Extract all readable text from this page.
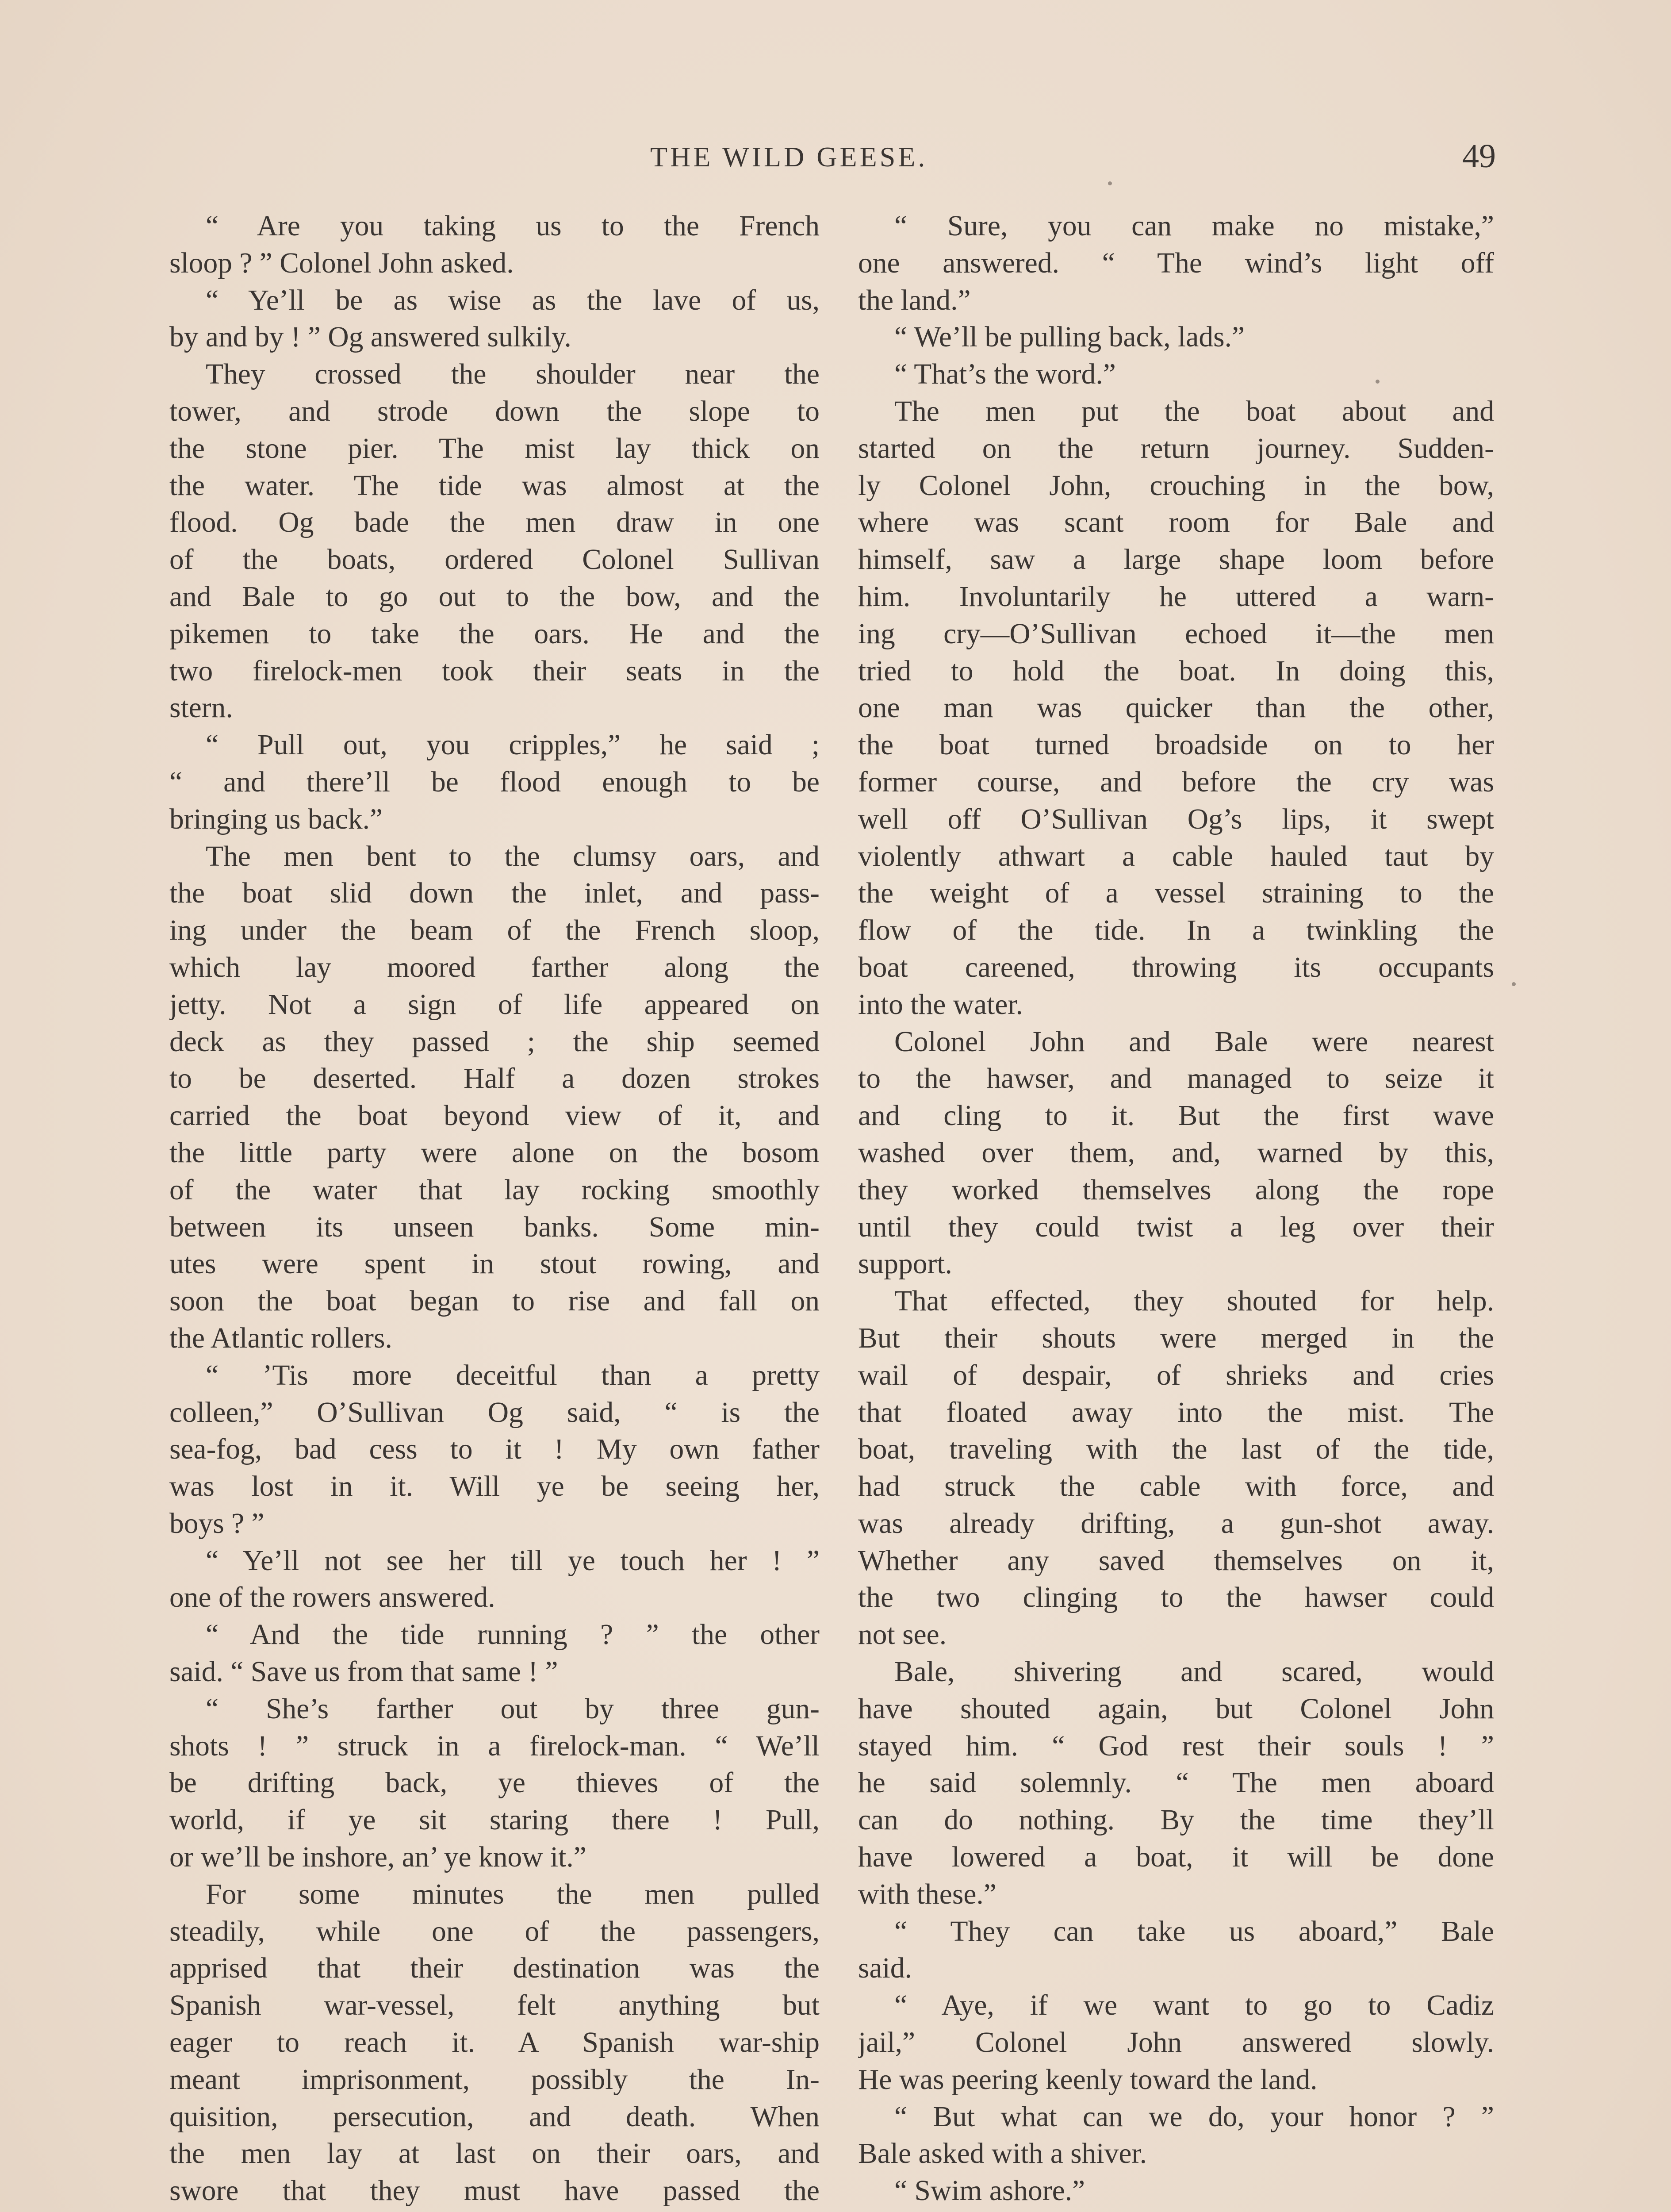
THE WILD GEESE.	49
“ Are you taking us to the French
sloop ? ” Colonel John asked.
“ Ye’ll be as wise as the lave of us,
by and by ! ” Og answered sulkily.
They crossed the shoulder near the
tower, and strode down the slope to
the stone pier. The mist lay thick on
the water. The tide was almost at the
flood. Og bade the men draw in one
of the boats, ordered Colonel Sullivan
and Bale to go out to the bow, and the
pikemen to take the oars. He and the
two firelock-men took their seats in the
stern.
“ Pull out, you cripples,” he said ;
“ and there’ll be flood enough to be
bringing us back.”
The men bent to the clumsy oars, and
the boat slid down the inlet, and pass-
ing under the beam of the French sloop,
which lay moored farther along the
jetty. Not a sign of life appeared on
deck as they passed ; the ship seemed
to be deserted. Half a dozen strokes
carried the boat beyond view of it, and
the little party were alone on the bosom
of the water that lay rocking smoothly
between its unseen banks. Some min-
utes were spent in stout rowing, and
soon the boat began to rise and fall on
the Atlantic rollers.
“ ’Tis more deceitful than a pretty
colleen,” O’Sullivan Og said, “ is the
sea-fog, bad cess to it ! My own father
was lost in it. Will ye be seeing her,
boys ? ”
“ Ye’ll not see her till ye touch her ! ”
one of the rowers answered.
“ And the tide running ? ” the other
said. “ Save us from that same ! ”
“ She’s farther out by three gun-
shots ! ” struck in a firelock-man. “ We’ll
be drifting back, ye thieves of the
world, if ye sit staring there ! Pull,
or we’ll be inshore, an’ ye know it.”
For some minutes the men pulled
steadily, while one of the passengers,
apprised that their destination was the
Spanish war-vessel, felt anything but
eager to reach it. A Spanish war-ship
meant imprisonment, possibly the In-
quisition, persecution, and death. When
the men lay at last on their oars, and
swore that they must have passed the
“ Sure, you can make no mistake,”
one answered. “ The wind’s light off
the land.”
“ We’ll be pulling back, lads.”
“ That’s the word.”
The men put the boat about and
started on the return journey. Sudden-
ly Colonel John, crouching in the bow,
where was scant room for Bale and
himself, saw a large shape loom before
him. Involuntarily he uttered a warn-
ing cry—O’Sullivan echoed it—the men
tried to hold the boat. In doing this,
one man was quicker than the other,
the boat turned broadside on to her
former course, and before the cry was
well off O’Sullivan Og’s lips, it swept
violently athwart a cable hauled taut by
the weight of a vessel straining to the
flow of the tide. In a twinkling the
boat careened, throwing its occupants
into the water.
Colonel John and Bale were nearest
to the hawser, and managed to seize it
and cling to it. But the first wave
washed over them, and, warned by this,
they worked themselves along the rope
until they could twist a leg over their
support.
That effected, they shouted for help.
But their shouts were merged in the
wail of despair, of shrieks and cries
that floated away into the mist. The
boat, traveling with the last of the tide,
had struck the cable with force, and
was already drifting, a gun-shot away.
Whether any saved themselves on it,
the two clinging to the hawser could
not see.
Bale, shivering and scared, would
have shouted again, but Colonel John
stayed him. “ God rest their souls ! ”
he said solemnly. “ The men aboard
can do nothing. By the time they’ll
have lowered a boat, it will be done
with these.”
“ They can take us aboard,” Bale
said.
“ Aye, if we want to go to Cadiz
jail,” Colonel John answered slowly.
He was peering keenly toward the land.
“ But what can we do, your honor ? ”
Bale asked with a shiver.
“ Swim ashore.”
